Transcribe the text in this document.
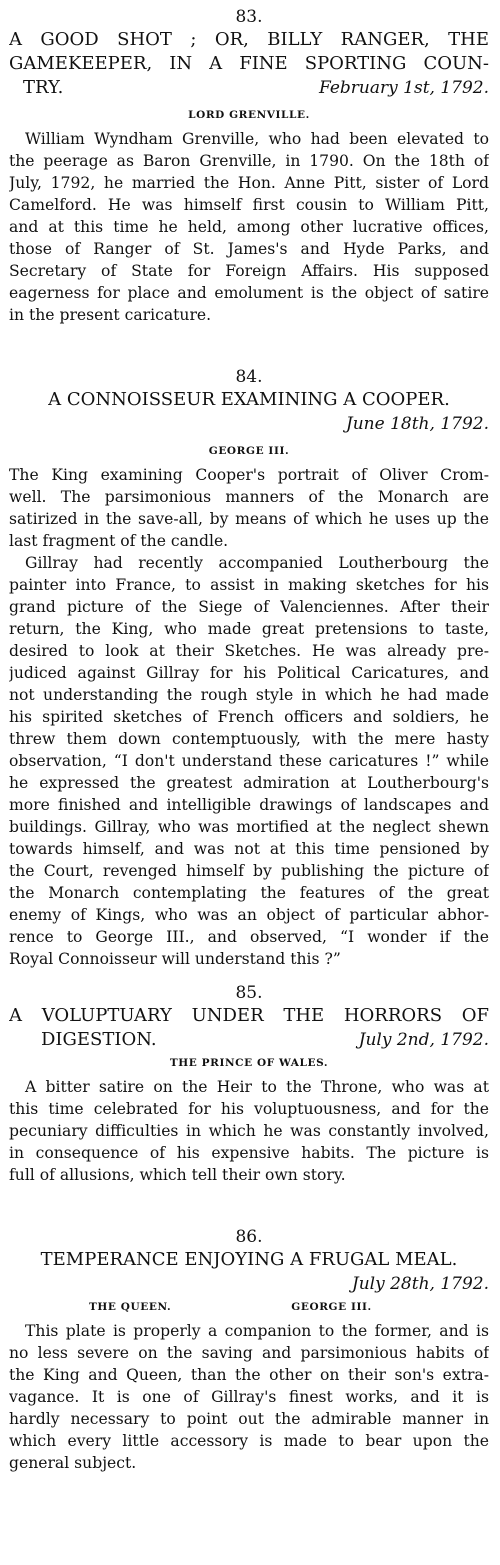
83.
A GOOD SHOT ; OR, BILLY RANGER, THE
GAMEKEEPER, IN A FINE SPORTING COUN-
TRY.	February 1st, 1792.
LORD GRENVILLE.
William Wyndham Grenville, who had been elevated to
the peerage as Baron Grenville, in 1790. On the 18th of
July, 1792, he married the Hon. Anne Pitt, sister of Lord
Camelford. He was himself first cousin to William Pitt,
and at this time he held, among other lucrative offices,
those of Ranger of St. James's and Hyde Parks, and
Secretary of State for Foreign Affairs. His supposed
eagerness for place and emolument is the object of satire
in the present caricature.
84.
A CONNOISSEUR EXAMINING A COOPER.
June 18th, 1792.
GEORGE III.
The King examining Cooper's portrait of Oliver Crom-
well. The parsimonious manners of the Monarch are
satirized in the save-all, by means of which he uses up the
last fragment of the candle.
Gillray had recently accompanied Loutherbourg the
painter into France, to assist in making sketches for his
grand picture of the Siege of Valenciennes. After their
return, the King, who made great pretensions to taste,
desired to look at their Sketches. He was already pre-
judiced against Gillray for his Political Caricatures, and
not understanding the rough style in which he had made
his spirited sketches of French officers and soldiers, he
threw them down contemptuously, with the mere hasty
observation, “I don't understand these caricatures !” while
he expressed the greatest admiration at Loutherbourg's
more finished and intelligible drawings of landscapes and
buildings. Gillray, who was mortified at the neglect shewn
towards himself, and was not at this time pensioned by
the Court, revenged himself by publishing the picture of
the Monarch contemplating the features of the great
enemy of Kings, who was an object of particular abhor-
rence to George III., and observed, “I wonder if the
Royal Connoisseur will understand this ?”
85.
A VOLUPTUARY UNDER THE HORRORS OF
DIGESTION.	July 2nd, 1792.
THE PRINCE OF WALES.
A bitter satire on the Heir to the Throne, who was at
this time celebrated for his voluptuousness, and for the
pecuniary difficulties in which he was constantly involved,
in consequence of his expensive habits. The picture is
full of allusions, which tell their own story.
86.
TEMPERANCE ENJOYING A FRUGAL MEAL.
July 28th, 1792.
THE QUEEN.	GEORGE III.
This plate is properly a companion to the former, and is
no less severe on the saving and parsimonious habits of
the King and Queen, than the other on their son's extra-
vagance. It is one of Gillray's finest works, and it is
hardly necessary to point out the admirable manner in
which every little accessory is made to bear upon the
general subject.
